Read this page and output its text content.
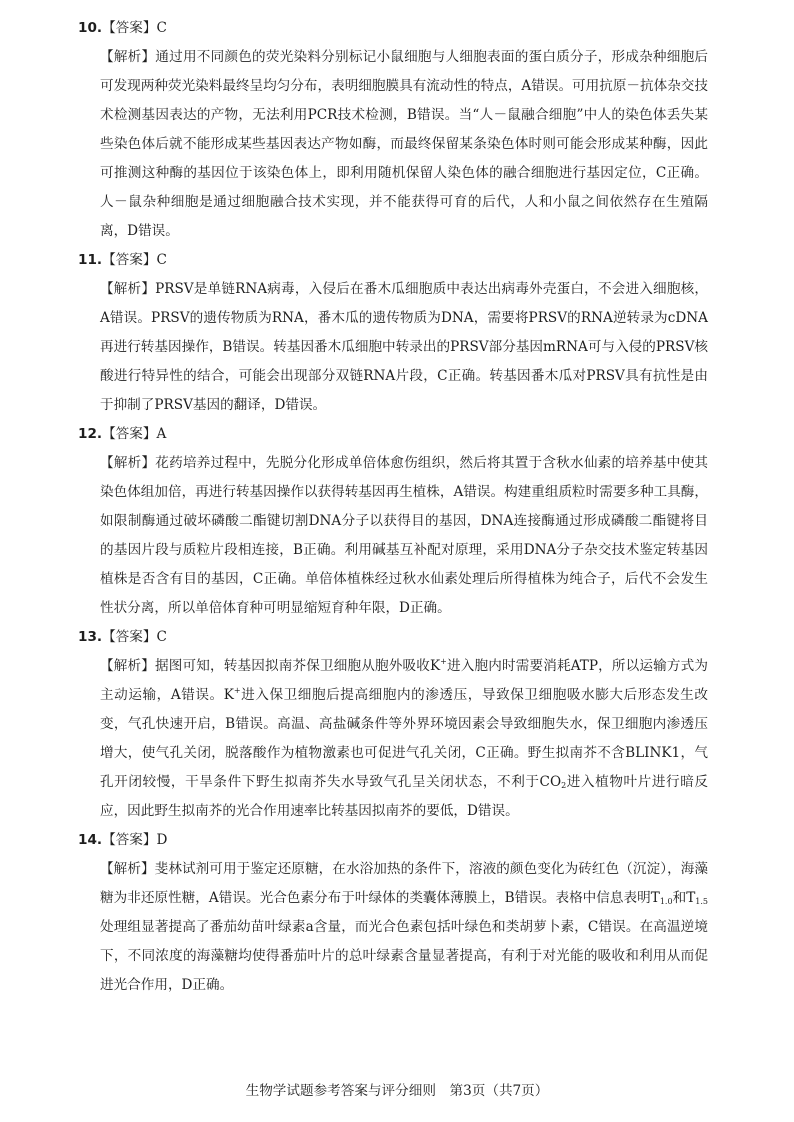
10.【答案】C

【解析】通过用不同颜色的荧光染料分别标记小鼠细胞与人细胞表面的蛋白质分子，形成杂种细胞后可发现两种荧光染料最终呈均匀分布，表明细胞膜具有流动性的特点，A错误。可用抗原－抗体杂交技术检测基因表达的产物，无法利用PCR技术检测，B错误。当“人－鼠融合细胞”中人的染色体丢失某些染色体后就不能形成某些基因表达产物如酶，而最终保留某条染色体时则可能会形成某种酶，因此可推测这种酶的基因位于该染色体上，即利用随机保留人染色体的融合细胞进行基因定位，C正确。人－鼠杂种细胞是通过细胞融合技术实现，并不能获得可育的后代，人和小鼠之间依然存在生殖隔离，D错误。

11.【答案】C

【解析】PRSV是单链RNA病毒，入侵后在番木瓜细胞质中表达出病毒外壳蛋白，不会进入细胞核，A错误。PRSV的遗传物质为RNA，番木瓜的遗传物质为DNA，需要将PRSV的RNA逆转录为cDNA再进行转基因操作，B错误。转基因番木瓜细胞中转录出的PRSV部分基因mRNA可与入侵的PRSV核酸进行特异性的结合，可能会出现部分双链RNA片段，C正确。转基因番木瓜对PRSV具有抗性是由于抑制了PRSV基因的翻译，D错误。

12.【答案】A

【解析】花药培养过程中，先脱分化形成单倍体愈伤组织，然后将其置于含秋水仙素的培养基中使其染色体组加倍，再进行转基因操作以获得转基因再生植株，A错误。构建重组质粒时需要多种工具酶，如限制酶通过破坏磷酸二酯键切割DNA分子以获得目的基因，DNA连接酶通过形成磷酸二酯键将目的基因片段与质粒片段相连接，B正确。利用碱基互补配对原理，采用DNA分子杂交技术鉴定转基因植株是否含有目的基因，C正确。单倍体植株经过秋水仙素处理后所得植株为纯合子，后代不会发生性状分离，所以单倍体育种可明显缩短育种年限，D正确。

13.【答案】C

【解析】据图可知，转基因拟南芥保卫细胞从胞外吸收K+进入胞内时需要消耗ATP，所以运输方式为主动运输，A错误。K+进入保卫细胞后提高细胞内的渗透压，导致保卫细胞吸水膨大后形态发生改变，气孔快速开启，B错误。高温、高盐碱条件等外界环境因素会导致细胞失水，保卫细胞内渗透压增大，使气孔关闭，脱落酸作为植物激素也可促进气孔关闭，C正确。野生拟南芥不含BLINK1，气孔开闭较慢，干旱条件下野生拟南芥失水导致气孔呈关闭状态，不利于$CO_2$进入植物叶片进行暗反应，因此野生拟南芥的光合作用速率比转基因拟南芥的要低，D错误。

14.【答案】D

【解析】斐林试剂可用于鉴定还原糖，在水浴加热的条件下，溶液的颜色变化为砖红色（沉淀），海藻糖为非还原性糖，A错误。光合色素分布于叶绿体的类囊体薄膜上，B错误。表格中信息表明$T_{1.0}$和$T_{1.5}$处理组显著提高了番茄幼苗叶绿素a含量，而光合色素包括叶绿色和类胡萝卜素，C错误。在高温逆境下，不同浓度的海藻糖均使得番茄叶片的总叶绿素含量显著提高，有利于对光能的吸收和利用从而促进光合作用，D正确。

生物学试题参考答案与评分细则　第3页（共7页）
